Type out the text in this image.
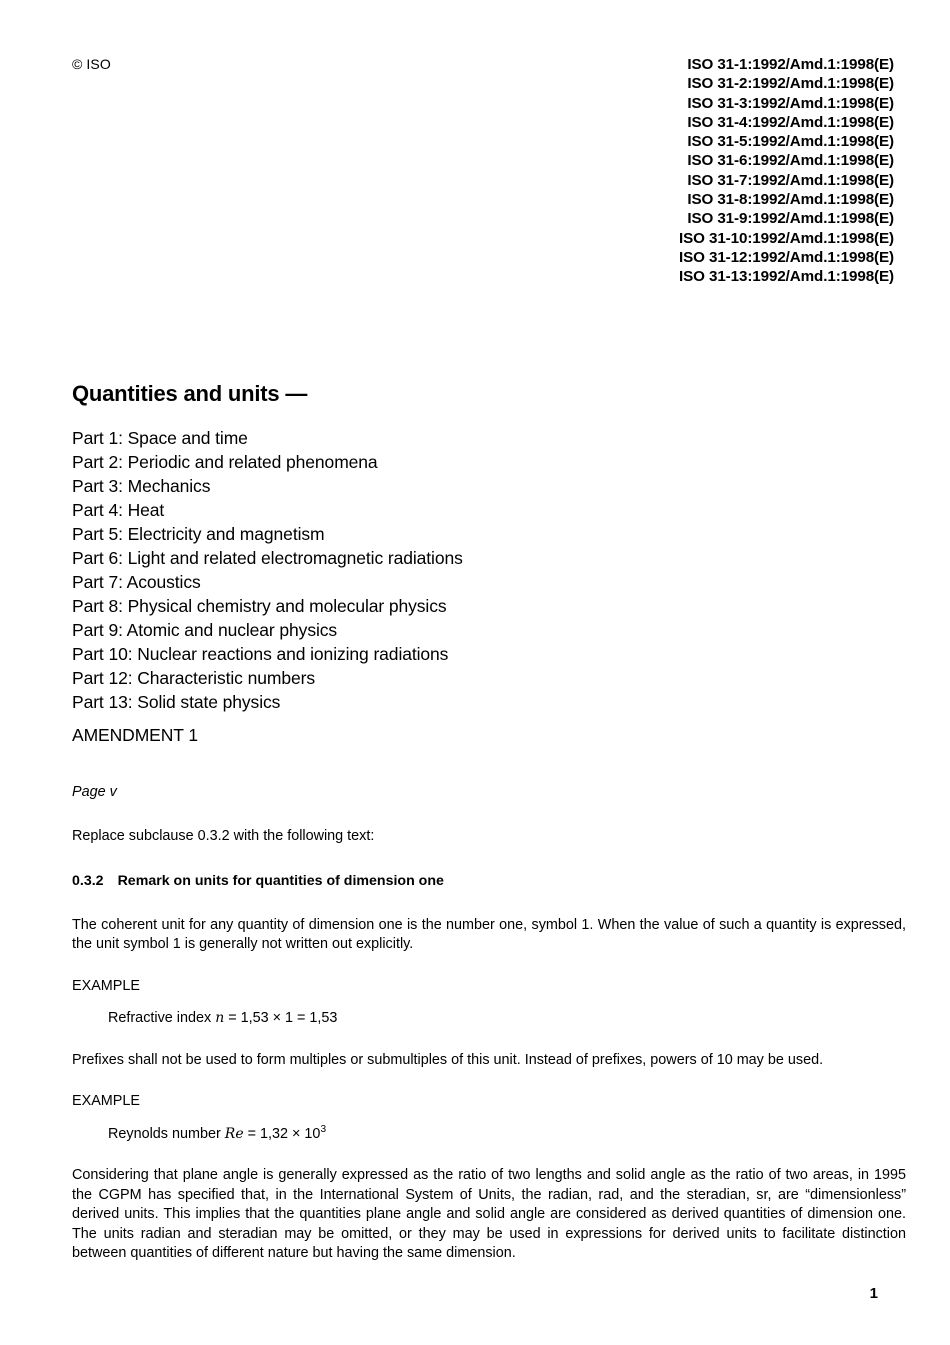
© ISO	ISO 31-1:1992/Amd.1:1998(E)
ISO 31-2:1992/Amd.1:1998(E)
ISO 31-3:1992/Amd.1:1998(E)
ISO 31-4:1992/Amd.1:1998(E)
ISO 31-5:1992/Amd.1:1998(E)
ISO 31-6:1992/Amd.1:1998(E)
ISO 31-7:1992/Amd.1:1998(E)
ISO 31-8:1992/Amd.1:1998(E)
ISO 31-9:1992/Amd.1:1998(E)
ISO 31-10:1992/Amd.1:1998(E)
ISO 31-12:1992/Amd.1:1998(E)
ISO 31-13:1992/Amd.1:1998(E)
Quantities and units —
Part 1: Space and time
Part 2: Periodic and related phenomena
Part 3: Mechanics
Part 4: Heat
Part 5: Electricity and magnetism
Part 6: Light and related electromagnetic radiations
Part 7: Acoustics
Part 8: Physical chemistry and molecular physics
Part 9: Atomic and nuclear physics
Part 10: Nuclear reactions and ionizing radiations
Part 12: Characteristic numbers
Part 13: Solid state physics
AMENDMENT 1

Page v

Replace subclause 0.3.2 with the following text:

0.3.2 Remark on units for quantities of dimension one

The coherent unit for any quantity of dimension one is the number one, symbol 1. When the value of such a quantity is expressed, the unit symbol 1 is generally not written out explicitly.

EXAMPLE

Refractive index n = 1,53 × 1 = 1,53

Prefixes shall not be used to form multiples or submultiples of this unit. Instead of prefixes, powers of 10 may be used.

EXAMPLE

Reynolds number $Re = 1,32 \times 10^3$

Considering that plane angle is generally expressed as the ratio of two lengths and solid angle as the ratio of two areas, in 1995 the CGPM has specified that, in the International System of Units, the radian, rad, and the steradian, sr, are “dimensionless” derived units. This implies that the quantities plane angle and solid angle are considered as derived quantities of dimension one. The units radian and steradian may be omitted, or they may be used in expressions for derived units to facilitate distinction between quantities of different nature but having the same dimension.

1
